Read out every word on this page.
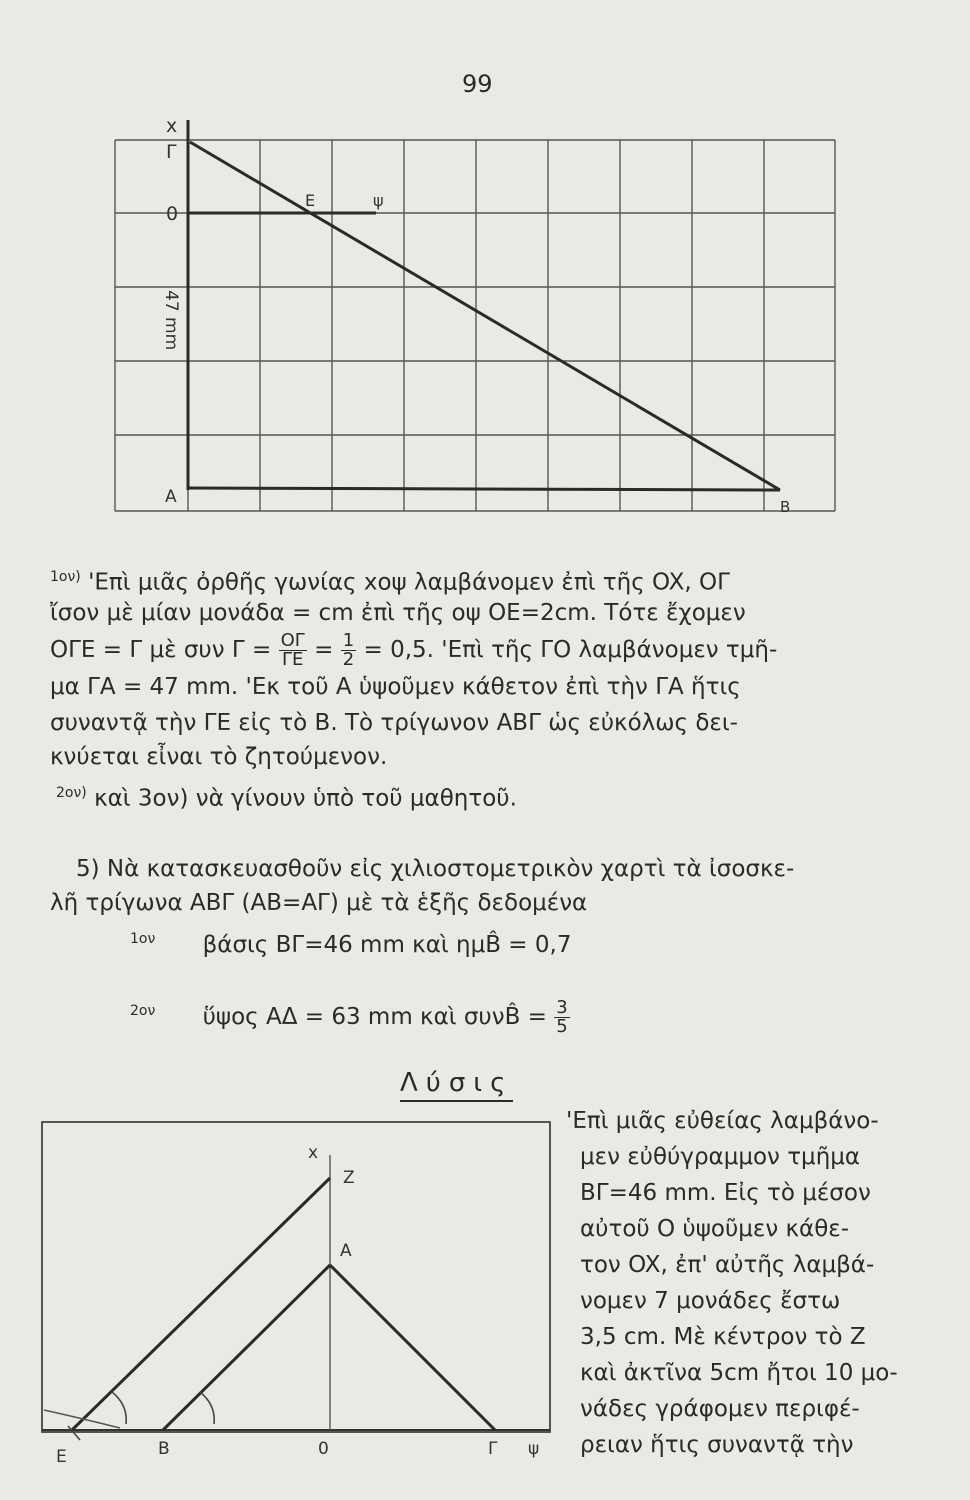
99
x
Γ
0
E	ψ
47 mm
A	B
$^{1o\nu)}$ 'Επὶ μιᾶς ὀρθῆς γωνίας xοψ λαμβάνομεν ἐπὶ τῆς OX, OΓ
ἴσον μὲ μίαν μονάδα = cm ἐπὶ τῆς οψ OE=2cm. Τότε ἔχομεν
ΟΓΕ = Γ μὲ συν $\Gamma = \frac{O\Gamma}{\Gamma E} = \frac{1}{2} = 0,5$. 'Επὶ τῆς ΓΟ λαμβάνομεν τμῆ-
μα ΓΑ = 47 mm. 'Εκ τοῦ Α ὑψοῦμεν κάθετον ἐπὶ τὴν ΓΑ ἥτις
συναντᾷ τὴν ΓΕ εἰς τὸ Β. Τὸ τρίγωνον ΑΒΓ ὡς εὐκόλως δει-
κνύεται εἶναι τὸ ζητούμενον.
$^{2o\nu)}$ καὶ 3ον) νὰ γίνουν ὑπὸ τοῦ μαθητοῦ.
5) Νὰ κατασκευασθοῦν εἰς χιλιοστομετρικὸν χαρτὶ τὰ ἰσοσκε-
λῆ τρίγωνα ΑΒΓ (ΑΒ=ΑΓ) μὲ τὰ ἑξῆς δεδομένα
$^{1o\nu}$ βάσις ΒΓ=46 mm καὶ ημB̂ = 0,7
$^{2o\nu}$ ὕψος ΑΔ = 63 mm καὶ συνB̂ = $\frac{3}{5}$
Λύσις
'Επὶ μιᾶς εὐθείας λαμβάνο-
μεν εὐθύγραμμον τμῆμα
ΒΓ=46 mm. Εἰς τὸ μέσον
αὐτοῦ Ο ὑψοῦμεν κάθε-
τον OX, ἐπ' αὐτῆς λαμβά-
νομεν 7 μονάδες ἔστω
3,5 cm. Μὲ κέντρον τὸ Ζ
καὶ ἀκτῖνα 5cm ἤτοι 10 μο-
νάδες γράφομεν περιφέ-
ρειαν ἥτις συναντᾷ τὴν
x
Z
A
E	B	0	Γ ψ
